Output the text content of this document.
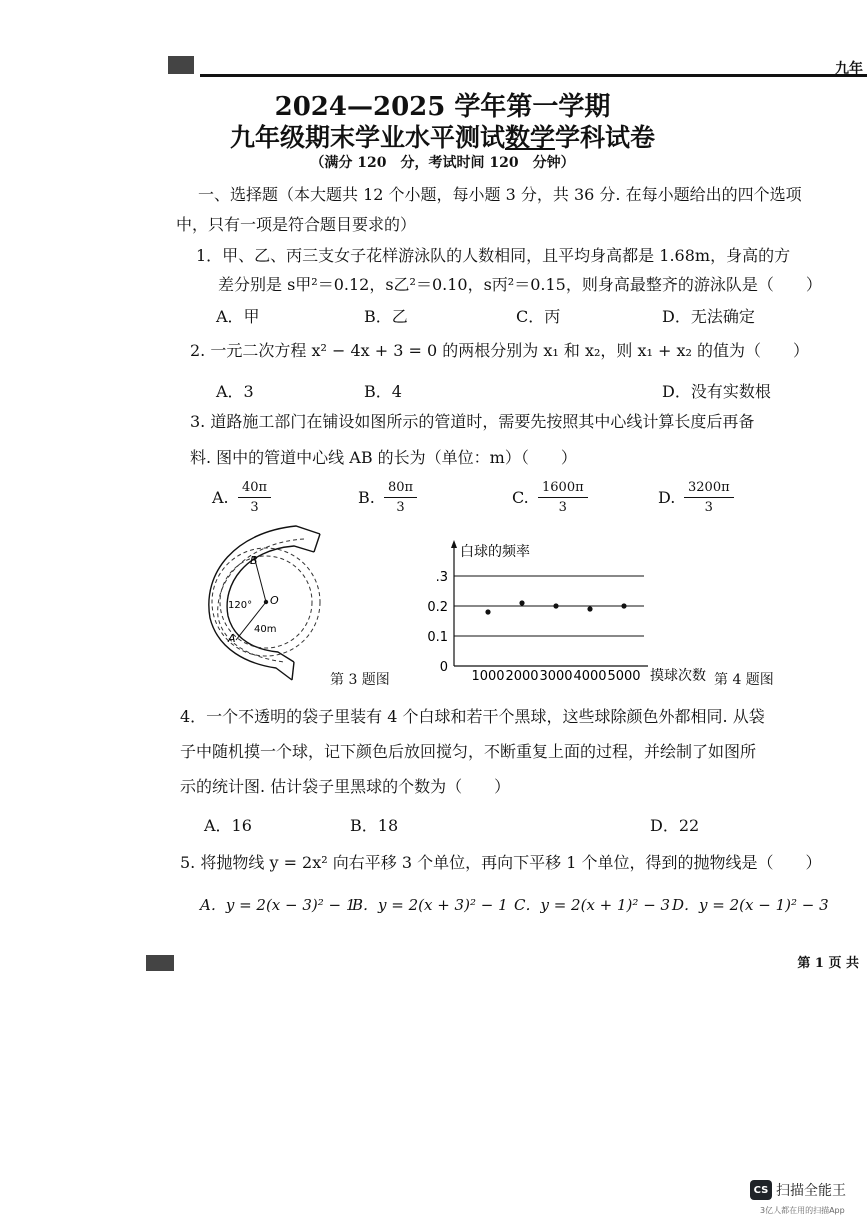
九年
2024—2025 学年第一学期
九年级期末学业水平测试数学学科试卷
（满分 120　分，考试时间 120　分钟）
一、选择题（本大题共 12 个小题，每小题 3 分，共 36 分. 在每小题给出的四个选项
中，只有一项是符合题目要求的）
1．甲、乙、丙三支女子花样游泳队的人数相同，且平均身高都是 1.68m，身高的方
差分别是 s甲²＝0.12，s乙²＝0.10，s丙²＝0.15，则身高最整齐的游泳队是（　　）
A．甲	B．乙	C．丙	D．无法确定
2. 一元二次方程 x² − 4x + 3 = 0 的两根分别为 x₁ 和 x₂，则 x₁ + x₂ 的值为（　　）
A．3	B．4	D．没有实数根
3. 道路施工部门在铺设如图所示的管道时，需要先按照其中心线计算长度后再备
料. 图中的管道中心线 AB 的长为（单位：m）（　　）
A. $\frac{40\pi}{3}$	B. $\frac{80\pi}{3}$	C. $\frac{1600\pi}{3}$	D. $\frac{3200\pi}{3}$
B
O
A
120°
40m
第 3 题图
0
0.1
0.2
.3
1000 2000 3000 4000 5000
白球的频率
摸球次数 第 4 题图
4．一个不透明的袋子里装有 4 个白球和若干个黑球，这些球除颜色外都相同. 从袋
子中随机摸一个球，记下颜色后放回搅匀，不断重复上面的过程，并绘制了如图所
示的统计图. 估计袋子里黑球的个数为（　　）
A．16	B．18	D．22
5. 将抛物线 y = 2x² 向右平移 3 个单位，再向下平移 1 个单位，得到的抛物线是（　　）
A．y = 2(x − 3)² − 1
B．y = 2(x + 3)² − 1 C．y = 2(x + 1)² − 3 D．y = 2(x − 1)² − 3
第 1 页 共
CS 扫描全能王
3亿人都在用的扫描App
